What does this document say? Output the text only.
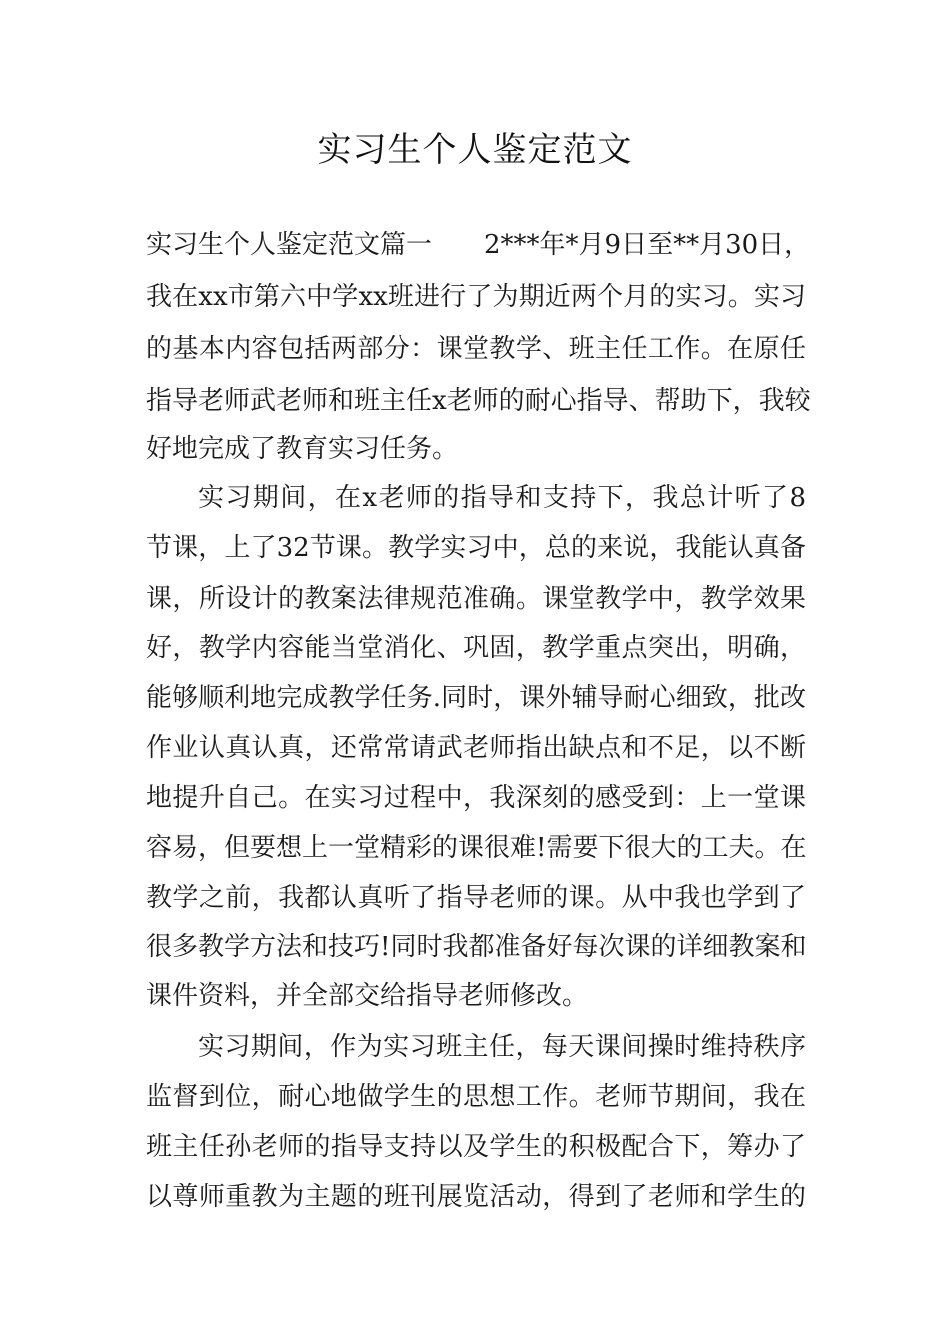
实习生个人鉴定范文
实习生个人鉴定范文篇一　　2***年*月9日至**月30日，
我在xx市第六中学xx班进行了为期近两个月的实习。实习
的基本内容包括两部分：课堂教学、班主任工作。在原任
指导老师武老师和班主任x老师的耐心指导、帮助下，我较
好地完成了教育实习任务。
实习期间，在x老师的指导和支持下，我总计听了8
节课，上了32节课。教学实习中，总的来说，我能认真备
课，所设计的教案法律规范准确。课堂教学中，教学效果
好，教学内容能当堂消化、巩固，教学重点突出，明确，
能够顺利地完成教学任务.同时，课外辅导耐心细致，批改
作业认真认真，还常常请武老师指出缺点和不足，以不断
地提升自己。在实习过程中，我深刻的感受到：上一堂课
容易，但要想上一堂精彩的课很难!需要下很大的工夫。在
教学之前，我都认真听了指导老师的课。从中我也学到了
很多教学方法和技巧!同时我都准备好每次课的详细教案和
课件资料，并全部交给指导老师修改。
实习期间，作为实习班主任，每天课间操时维持秩序
监督到位，耐心地做学生的思想工作。老师节期间，我在
班主任孙老师的指导支持以及学生的积极配合下，筹办了
以尊师重教为主题的班刊展览活动，得到了老师和学生的
